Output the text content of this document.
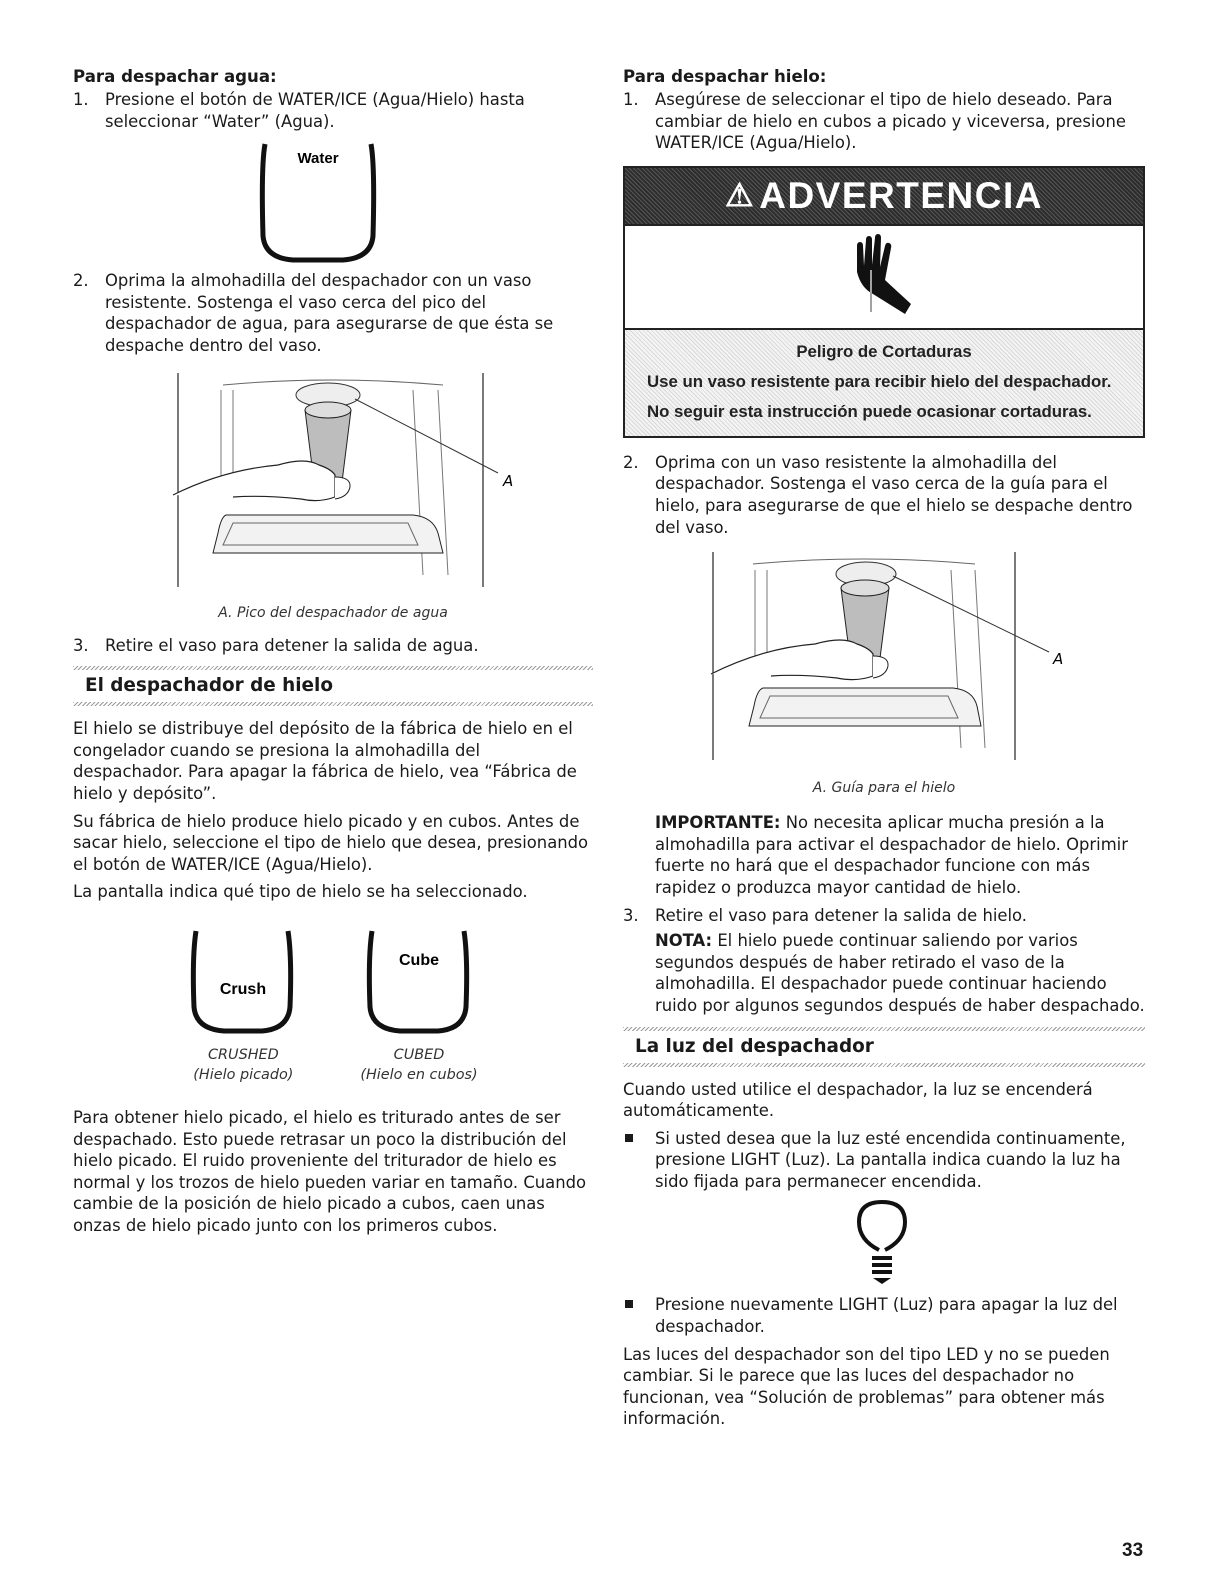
Para despachar agua:
1. Presione el botón de WATER/ICE (Agua/Hielo) hasta seleccionar “Water” (Agua).
Water
2. Oprima la almohadilla del despachador con un vaso resistente. Sostenga el vaso cerca del pico del despachador de agua, para asegurarse de que ésta se despache dentro del vaso.
A
A. Pico del despachador de agua
3. Retire el vaso para detener la salida de agua.
El despachador de hielo

El hielo se distribuye del depósito de la fábrica de hielo en el congelador cuando se presiona la almohadilla del despachador. Para apagar la fábrica de hielo, vea “Fábrica de hielo y depósito”.

Su fábrica de hielo produce hielo picado y en cubos. Antes de sacar hielo, seleccione el tipo de hielo que desea, presionando el botón de WATER/ICE (Agua/Hielo).

La pantalla indica qué tipo de hielo se ha seleccionado.

Crush
CRUSHED
(Hielo picado)
Cube
CUBED
(Hielo en cubos)

Para obtener hielo picado, el hielo es triturado antes de ser despachado. Esto puede retrasar un poco la distribución del hielo picado. El ruido proveniente del triturador de hielo es normal y los trozos de hielo pueden variar en tamaño. Cuando cambie de la posición de hielo picado a cubos, caen unas onzas de hielo picado junto con los primeros cubos.

Para despachar hielo:
1. Asegúrese de seleccionar el tipo de hielo deseado. Para cambiar de hielo en cubos a picado y viceversa, presione WATER/ICE (Agua/Hielo).
⚠ ADVERTENCIA
Peligro de Cortaduras

Use un vaso resistente para recibir hielo del despachador.

No seguir esta instrucción puede ocasionar cortaduras.

2. Oprima con un vaso resistente la almohadilla del despachador. Sostenga el vaso cerca de la guía para el hielo, para asegurarse de que el hielo se despache dentro del vaso.
A
A. Guía para el hielo

IMPORTANTE: No necesita aplicar mucha presión a la almohadilla para activar el despachador de hielo. Oprimir fuerte no hará que el despachador funcione con más rapidez o produzca mayor cantidad de hielo.

3. Retire el vaso para detener la salida de hielo.

NOTA: El hielo puede continuar saliendo por varios segundos después de haber retirado el vaso de la almohadilla. El despachador puede continuar haciendo ruido por algunos segundos después de haber despachado.

La luz del despachador

Cuando usted utilice el despachador, la luz se encenderá automáticamente.

Si usted desea que la luz esté encendida continuamente, presione LIGHT (Luz). La pantalla indica cuando la luz ha sido fijada para permanecer encendida.
Presione nuevamente LIGHT (Luz) para apagar la luz del despachador.

Las luces del despachador son del tipo LED y no se pueden cambiar. Si le parece que las luces del despachador no funcionan, vea “Solución de problemas” para obtener más información.

33
